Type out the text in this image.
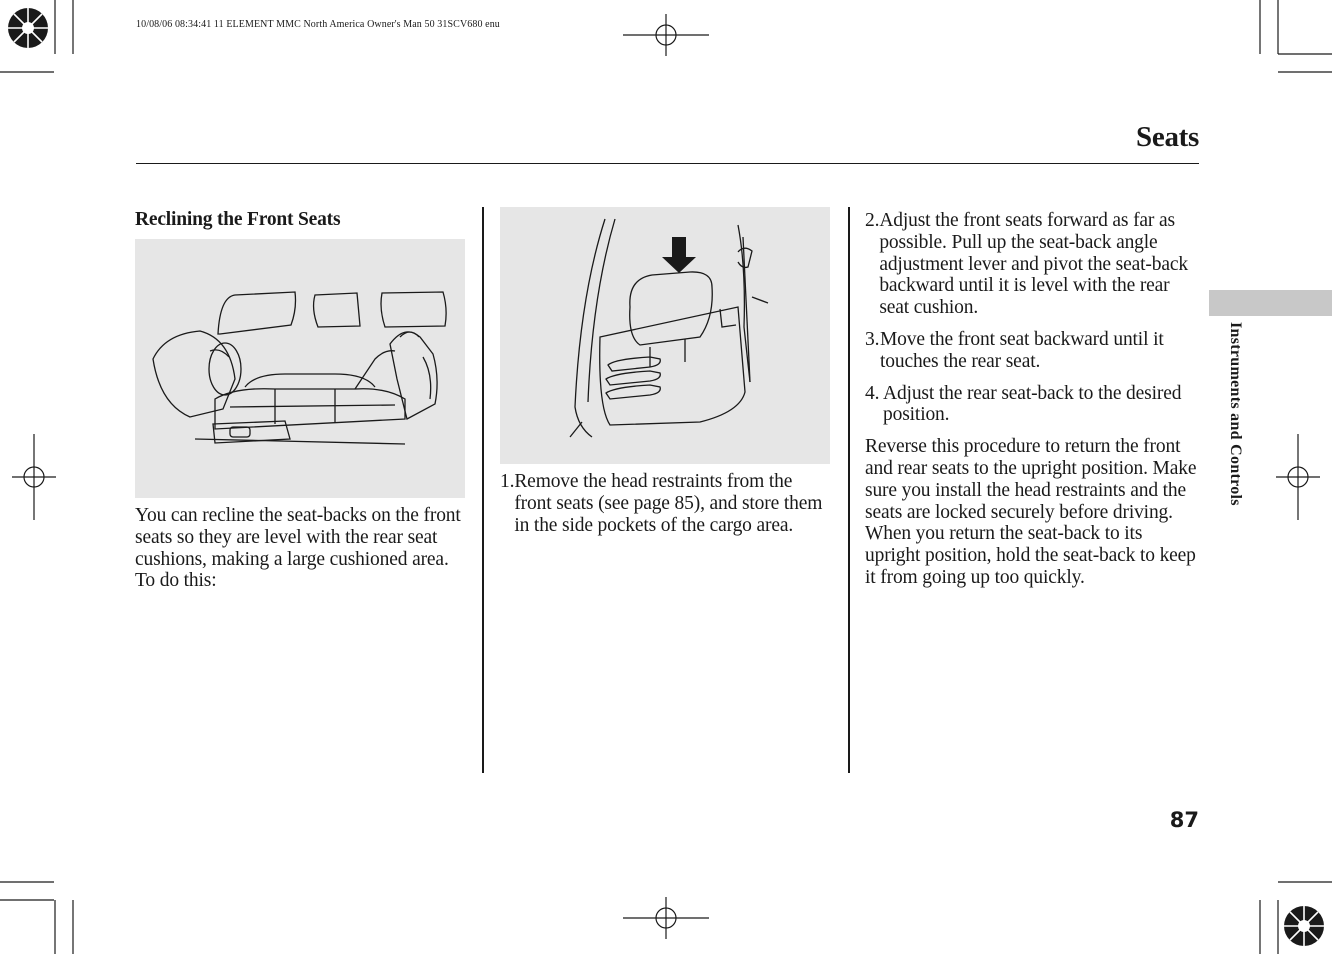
10/08/06 08:34:41 11 ELEMENT MMC North America Owner's Man 50 31SCV680 enu
Seats
Reclining the Front Seats
You can recline the seat-backs on the front seats so they are level with the rear seat cushions, making a large cushioned area. To do this:
1. Remove the head restraints from the front seats (see page 85), and store them in the side pockets of the cargo area.
2. Adjust the front seats forward as far as possible. Pull up the seat-back angle adjustment lever and pivot the seat-back backward until it is level with the rear seat cushion.
3. Move the front seat backward until it touches the rear seat.
4. Adjust the rear seat-back to the desired position.

Reverse this procedure to return the front and rear seats to the upright position. Make sure you install the head restraints and the seats are locked securely before driving.

When you return the seat-back to its upright position, hold the seat-back to keep it from going up too quickly.

Instruments and Controls
87
